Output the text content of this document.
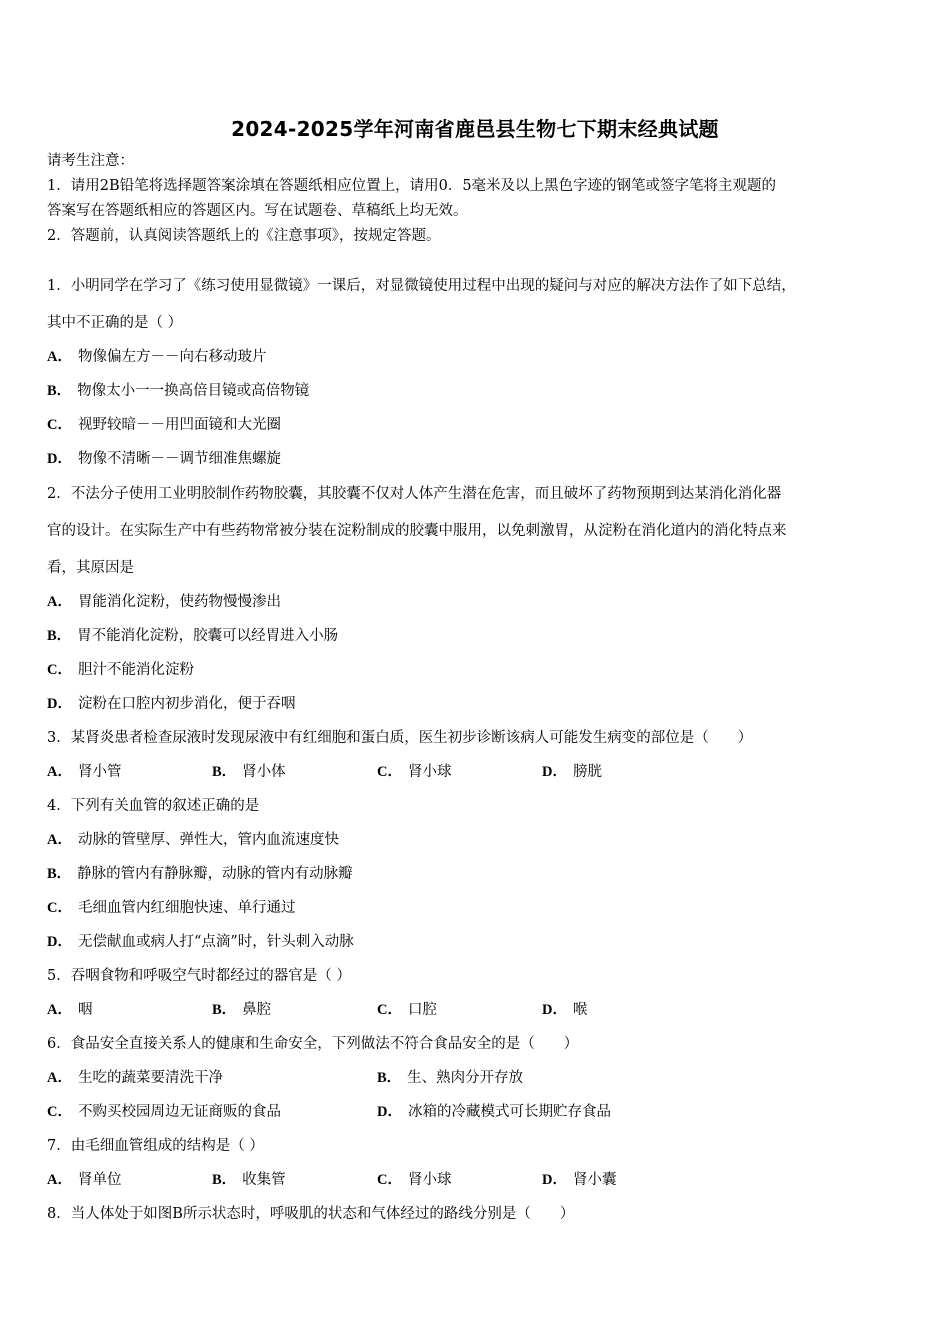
2024-2025学年河南省鹿邑县生物七下期末经典试题
请考生注意：
1．请用2B铅笔将选择题答案涂填在答题纸相应位置上，请用0．5毫米及以上黑色字迹的钢笔或签字笔将主观题的
答案写在答题纸相应的答题区内。写在试题卷、草稿纸上均无效。
2．答题前，认真阅读答题纸上的《注意事项》，按规定答题。
1．小明同学在学习了《练习使用显微镜》一课后，对显微镜使用过程中出现的疑问与对应的解决方法作了如下总结，
其中不正确的是（ ）
A． 物像偏左方－－向右移动玻片
B． 物像太小一一换高倍目镜或高倍物镜
C． 视野较暗－－用凹面镜和大光圈
D． 物像不清晰－－调节细准焦螺旋
2．不法分子使用工业明胶制作药物胶囊，其胶囊不仅对人体产生潜在危害，而且破坏了药物预期到达某消化消化器
官的设计。在实际生产中有些药物常被分装在淀粉制成的胶囊中服用，以免刺激胃，从淀粉在消化道内的消化特点来
看，其原因是
A． 胃能消化淀粉，使药物慢慢渗出
B． 胃不能消化淀粉，胶囊可以经胃进入小肠
C． 胆汁不能消化淀粉
D． 淀粉在口腔内初步消化，便于吞咽
3．某肾炎患者检查尿液时发现尿液中有红细胞和蛋白质，医生初步诊断该病人可能发生病变的部位是（　　）
A． 肾小管	B． 肾小体	C． 肾小球	D． 膀胱
4．下列有关血管的叙述正确的是
A． 动脉的管壁厚、弹性大，管内血流速度快
B． 静脉的管内有静脉瓣，动脉的管内有动脉瓣
C． 毛细血管内红细胞快速、单行通过
D． 无偿献血或病人打“点滴”时，针头刺入动脉
5．吞咽食物和呼吸空气时都经过的器官是（ ）
A． 咽	B． 鼻腔	C． 口腔	D． 喉
6．食品安全直接关系人的健康和生命安全，下列做法不符合食品安全的是（　　）
A． 生吃的蔬菜要清洗干净	B． 生、熟肉分开存放
C． 不购买校园周边无证商贩的食品	D． 冰箱的冷藏模式可长期贮存食品
7．由毛细血管组成的结构是（ ）
A． 肾单位	B． 收集管	C． 肾小球	D． 肾小囊
8．当人体处于如图B所示状态时，呼吸肌的状态和气体经过的路线分别是（　　）
